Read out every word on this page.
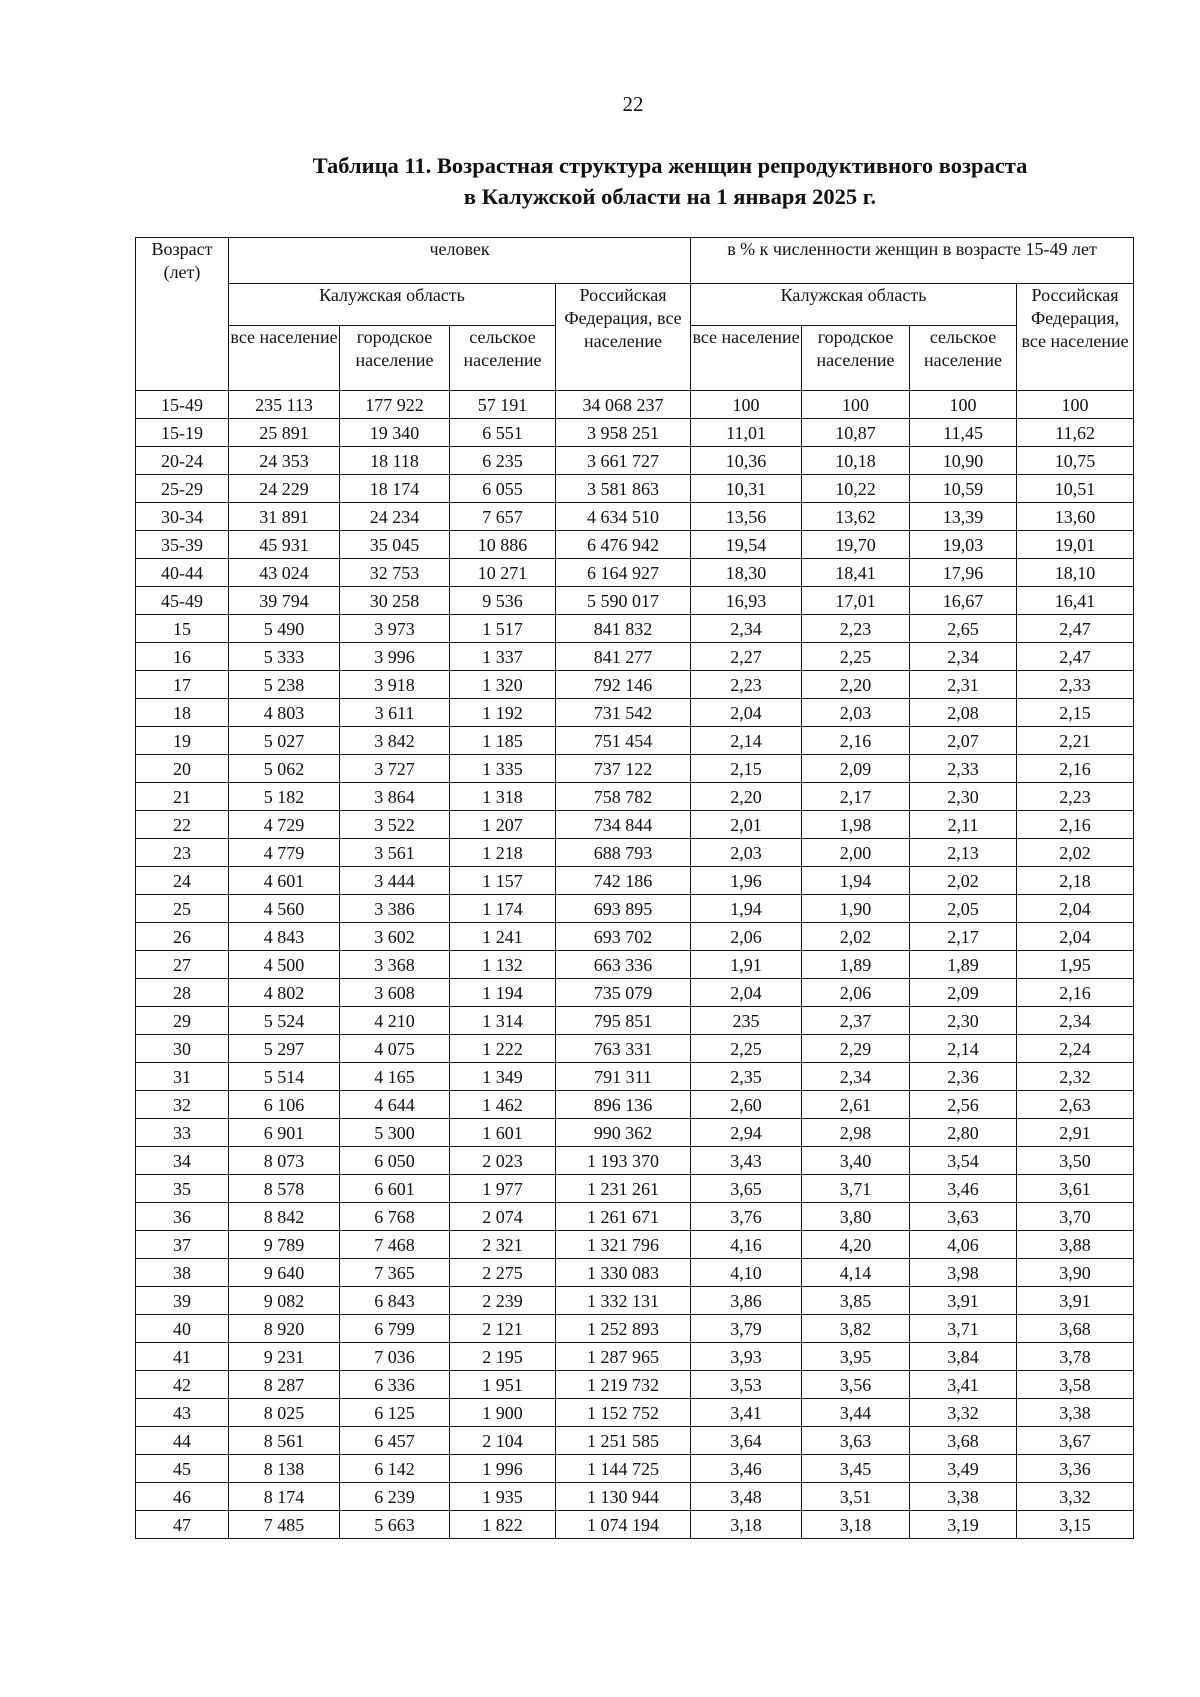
22
Таблица 11. Возрастная структура женщин репродуктивного возраста
в Калужской области на 1 января 2025 г.
Возраст (лет)	человек				в % к численности женщин в возрасте 15-49 лет			
	Калужская область			Российская Федерация, все население	Калужская область			Российская Федерация, все население
	все население	городское население	сельское население		все население	городское население	сельское население	
15-49	235 113	177 922	57 191	34 068 237	100	100	100	100
15-19	25 891	19 340	6 551	3 958 251	11,01	10,87	11,45	11,62
20-24	24 353	18 118	6 235	3 661 727	10,36	10,18	10,90	10,75
25-29	24 229	18 174	6 055	3 581 863	10,31	10,22	10,59	10,51
30-34	31 891	24 234	7 657	4 634 510	13,56	13,62	13,39	13,60
35-39	45 931	35 045	10 886	6 476 942	19,54	19,70	19,03	19,01
40-44	43 024	32 753	10 271	6 164 927	18,30	18,41	17,96	18,10
45-49	39 794	30 258	9 536	5 590 017	16,93	17,01	16,67	16,41
15	5 490	3 973	1 517	841 832	2,34	2,23	2,65	2,47
16	5 333	3 996	1 337	841 277	2,27	2,25	2,34	2,47
17	5 238	3 918	1 320	792 146	2,23	2,20	2,31	2,33
18	4 803	3 611	1 192	731 542	2,04	2,03	2,08	2,15
19	5 027	3 842	1 185	751 454	2,14	2,16	2,07	2,21
20	5 062	3 727	1 335	737 122	2,15	2,09	2,33	2,16
21	5 182	3 864	1 318	758 782	2,20	2,17	2,30	2,23
22	4 729	3 522	1 207	734 844	2,01	1,98	2,11	2,16
23	4 779	3 561	1 218	688 793	2,03	2,00	2,13	2,02
24	4 601	3 444	1 157	742 186	1,96	1,94	2,02	2,18
25	4 560	3 386	1 174	693 895	1,94	1,90	2,05	2,04
26	4 843	3 602	1 241	693 702	2,06	2,02	2,17	2,04
27	4 500	3 368	1 132	663 336	1,91	1,89	1,89	1,95
28	4 802	3 608	1 194	735 079	2,04	2,06	2,09	2,16
29	5 524	4 210	1 314	795 851	235	2,37	2,30	2,34
30	5 297	4 075	1 222	763 331	2,25	2,29	2,14	2,24
31	5 514	4 165	1 349	791 311	2,35	2,34	2,36	2,32
32	6 106	4 644	1 462	896 136	2,60	2,61	2,56	2,63
33	6 901	5 300	1 601	990 362	2,94	2,98	2,80	2,91
34	8 073	6 050	2 023	1 193 370	3,43	3,40	3,54	3,50
35	8 578	6 601	1 977	1 231 261	3,65	3,71	3,46	3,61
36	8 842	6 768	2 074	1 261 671	3,76	3,80	3,63	3,70
37	9 789	7 468	2 321	1 321 796	4,16	4,20	4,06	3,88
38	9 640	7 365	2 275	1 330 083	4,10	4,14	3,98	3,90
39	9 082	6 843	2 239	1 332 131	3,86	3,85	3,91	3,91
40	8 920	6 799	2 121	1 252 893	3,79	3,82	3,71	3,68
41	9 231	7 036	2 195	1 287 965	3,93	3,95	3,84	3,78
42	8 287	6 336	1 951	1 219 732	3,53	3,56	3,41	3,58
43	8 025	6 125	1 900	1 152 752	3,41	3,44	3,32	3,38
44	8 561	6 457	2 104	1 251 585	3,64	3,63	3,68	3,67
45	8 138	6 142	1 996	1 144 725	3,46	3,45	3,49	3,36
46	8 174	6 239	1 935	1 130 944	3,48	3,51	3,38	3,32
47	7 485	5 663	1 822	1 074 194	3,18	3,18	3,19	3,15
